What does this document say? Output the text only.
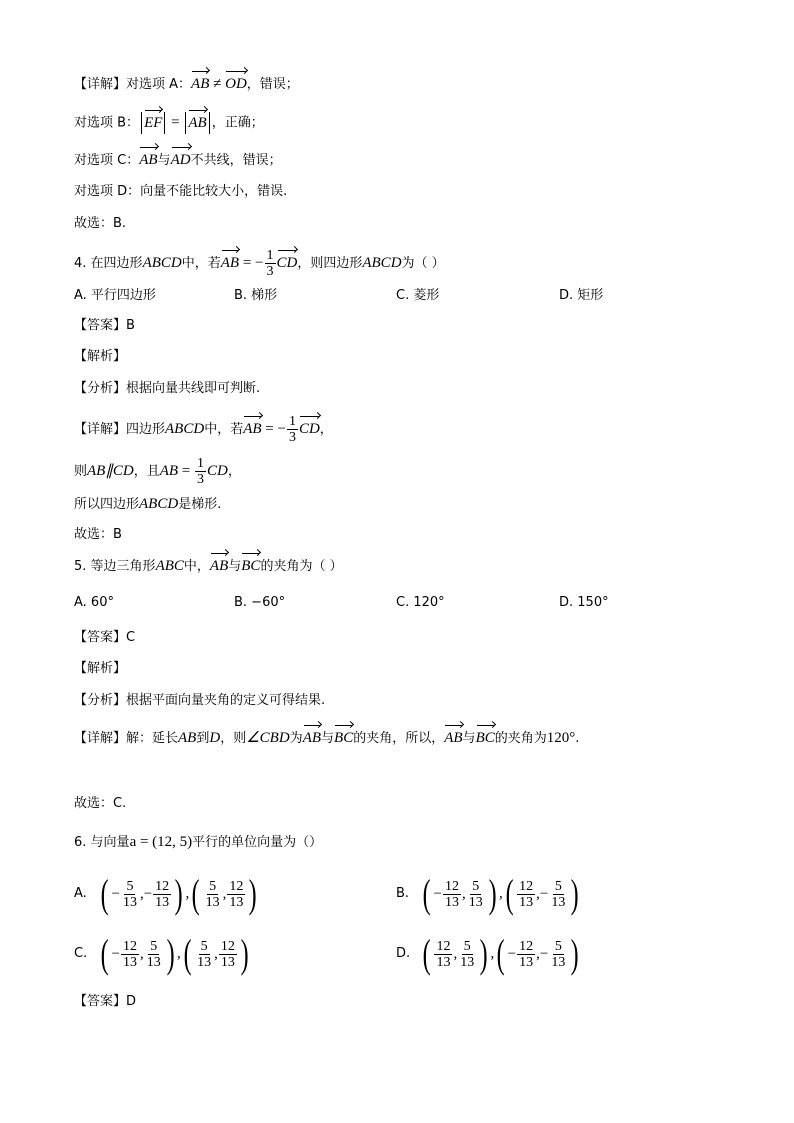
【详解】对选项 A：AB ≠ OD，错误；
对选项 B： EF = AB ，正确；
对选项 C：AB与AD不共线，错误；
对选项 D：向量不能比较大小，错误.
故选：B.
4. 在四边形ABCD中，若AB = − $\frac{1}{3}$ CD，则四边形ABCD为（ ）
A. 平行四边形	B. 梯形	C. 菱形	D. 矩形
【答案】B
【解析】
【分析】根据向量共线即可判断.
【详解】四边形ABCD中，若AB = − $\frac{1}{3}$ CD，
则AB∥CD，且AB = $\frac{1}{3}$ CD，
所以四边形ABCD是梯形.
故选：B
5. 等边三角形ABC中，AB与BC的夹角为（ ）
A. 60°	B. −60°	C. 120°	D. 150°
【答案】C
【解析】
【分析】根据平面向量夹角的定义可得结果.
【详解】解：延长AB到D，则∠CBD为AB与BC的夹角，所以，AB与BC的夹角为120°.
故选：C.
6. 与向量a = (12, 5)平行的单位向量为（）
A. ( − $\frac{5}{13}$ ,− $\frac{12}{13}$ ) , ( $\frac{5}{13}$ , $\frac{12}{13}$ )	B. ( − $\frac{12}{13}$ , $\frac{5}{13}$ ) , ( $\frac{12}{13}$ ,− $\frac{5}{13}$ )
C. ( − $\frac{12}{13}$ , $\frac{5}{13}$ ) , ( $\frac{5}{13}$ , $\frac{12}{13}$ )	D. ( $\frac{12}{13}$ , $\frac{5}{13}$ ) , ( − $\frac{12}{13}$ ,− $\frac{5}{13}$ )
【答案】D
